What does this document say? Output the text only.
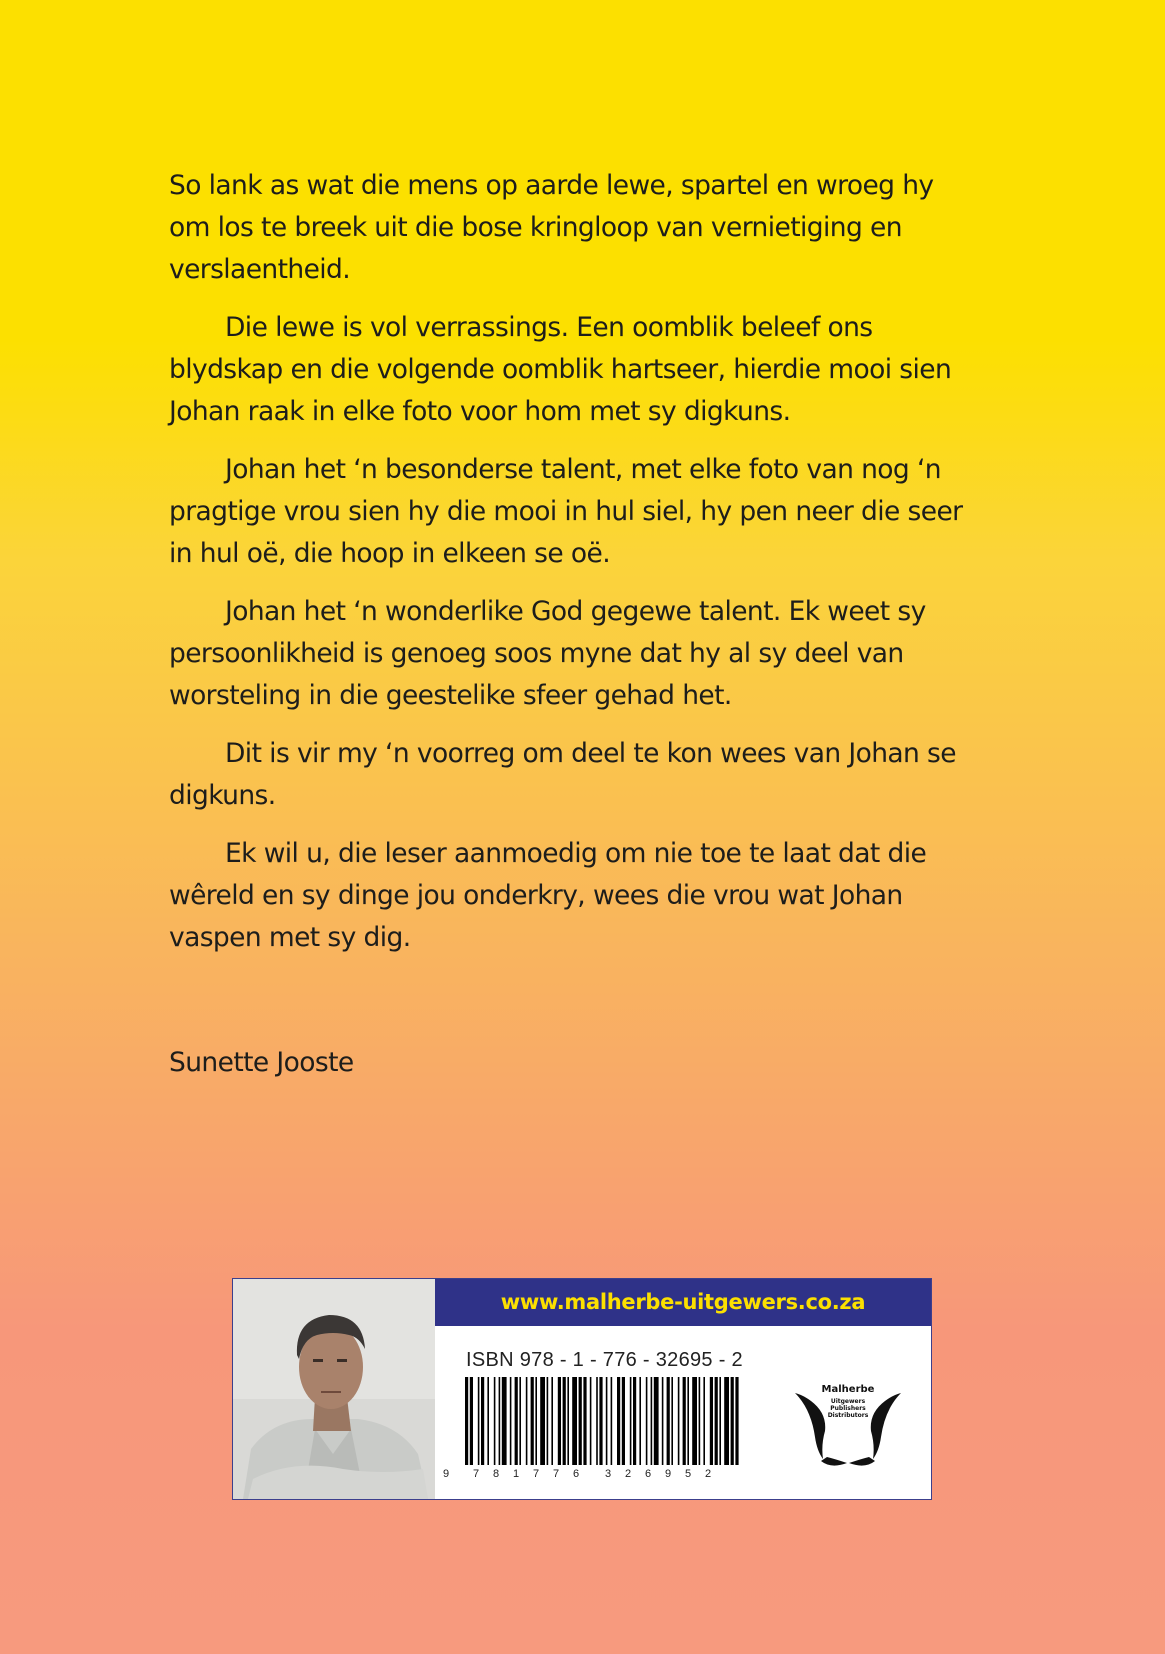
So lank as wat die mens op aarde lewe, spartel en wroeg hy om los te breek uit die bose kringloop van vernietiging en verslaentheid.

Die lewe is vol verrassings. Een oomblik beleef ons blydskap en die volgende oomblik hartseer, hierdie mooi sien Johan raak in elke foto voor hom met sy digkuns.

Johan het ‘n besonderse talent, met elke foto van nog ‘n pragtige vrou sien hy die mooi in hul siel, hy pen neer die seer in hul oë, die hoop in elkeen se oë.

Johan het ‘n wonderlike God gegewe talent. Ek weet sy persoonlikheid is genoeg soos myne dat hy al sy deel van worsteling in die geestelike sfeer gehad het.

Dit is vir my ‘n voorreg om deel te kon wees van Johan se digkuns.

Ek wil u, die leser aanmoedig om nie toe te laat dat die wêreld en sy dinge jou onderkry, wees die vrou wat Johan vaspen met sy dig.

Sunette Jooste
www.malherbe-uitgewers.co.za
ISBN 978 - 1 - 776 - 32695 - 2
9 7 8 1 7 7 6 3 2 6 9 5 2
Malherbe
Uitgewers
Publishers
Distributors
